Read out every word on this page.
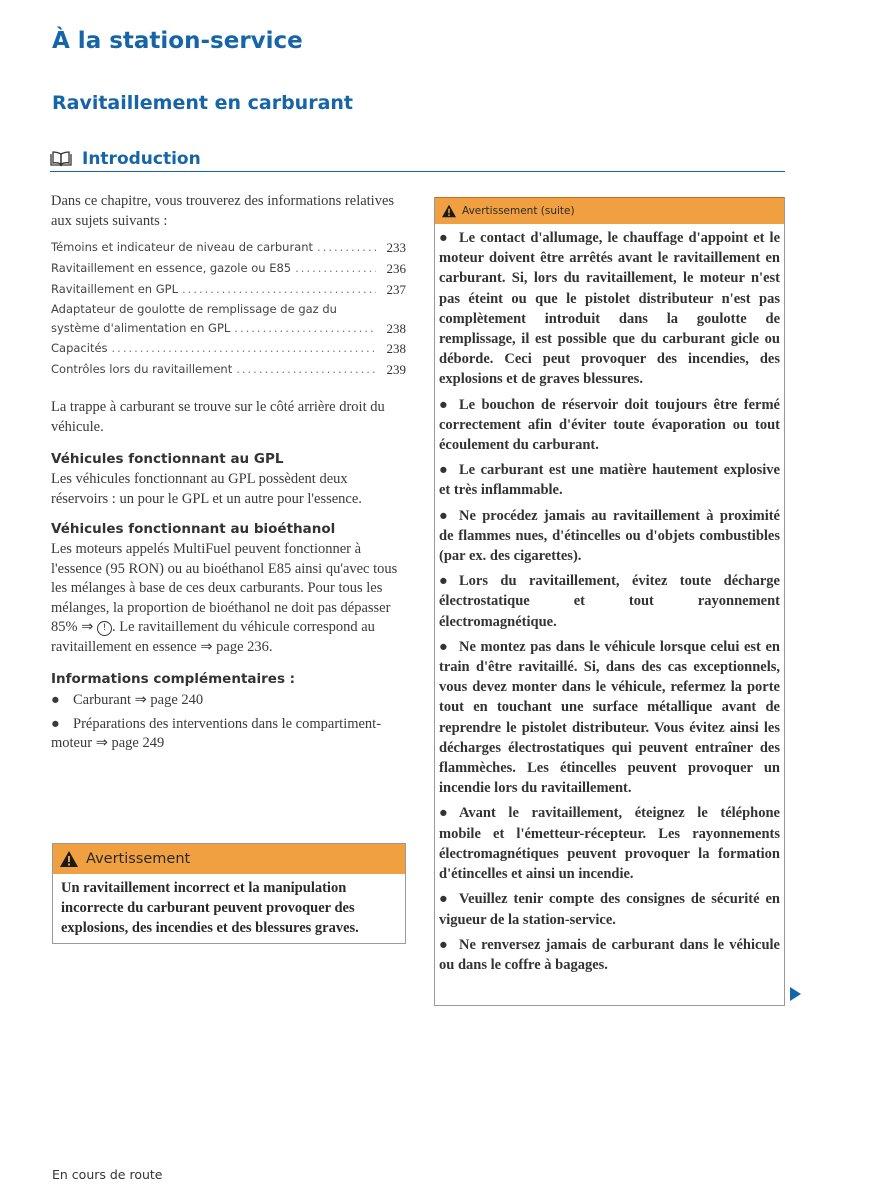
À la station-service
Ravitaillement en carburant
Introduction

Dans ce chapitre, vous trouverez des informations relatives aux sujets suivants :

Témoins et indicateur de niveau de carburant .....	233
Ravitaillement en essence, gazole ou E85 .....	236
Ravitaillement en GPL .....	237
Adaptateur de goulotte de remplissage de gaz du
système d'alimentation en GPL .....	238
Capacités .....	238
Contrôles lors du ravitaillement .....	239

La trappe à carburant se trouve sur le côté arrière droit du véhicule.

Véhicules fonctionnant au GPL

Les véhicules fonctionnant au GPL possèdent deux réservoirs : un pour le GPL et un autre pour l'essence.

Véhicules fonctionnant au bioéthanol

Les moteurs appelés MultiFuel peuvent fonctionner à l'essence (95 RON) ou au bioéthanol E85 ainsi qu'avec tous les mélanges à base de ces deux carburants. Pour tous les mélanges, la proportion de bioéthanol ne doit pas dépasser 85% ⇒ ! . Le ravitaillement du véhicule correspond au ravitaillement en essence ⇒ page 236.

Informations complémentaires :

● Carburant ⇒ page 240

● Préparations des interventions dans le compartiment-moteur ⇒ page 249

Avertissement
Un ravitaillement incorrect et la manipulation incorrecte du carburant peuvent provoquer des explosions, des incendies et des blessures graves.
Avertissement (suite)

● Le contact d'allumage, le chauffage d'appoint et le moteur doivent être arrêtés avant le ravitaillement en carburant. Si, lors du ravitaillement, le moteur n'est pas éteint ou que le pistolet distributeur n'est pas complètement introduit dans la goulotte de remplissage, il est possible que du carburant gicle ou déborde. Ceci peut provoquer des incendies, des explosions et de graves blessures.

● Le bouchon de réservoir doit toujours être fermé correctement afin d'éviter toute évaporation ou tout écoulement du carburant.

● Le carburant est une matière hautement explosive et très inflammable.

● Ne procédez jamais au ravitaillement à proximité de flammes nues, d'étincelles ou d'objets combustibles (par ex. des cigarettes).

● Lors du ravitaillement, évitez toute décharge électrostatique et tout rayonnement électromagnétique.

● Ne montez pas dans le véhicule lorsque celui est en train d'être ravitaillé. Si, dans des cas exceptionnels, vous devez monter dans le véhicule, refermez la porte tout en touchant une surface métallique avant de reprendre le pistolet distributeur. Vous évitez ainsi les décharges électrostatiques qui peuvent entraîner des flammèches. Les étincelles peuvent provoquer un incendie lors du ravitaillement.

● Avant le ravitaillement, éteignez le téléphone mobile et l'émetteur-récepteur. Les rayonnements électromagnétiques peuvent provoquer la formation d'étincelles et ainsi un incendie.

● Veuillez tenir compte des consignes de sécurité en vigueur de la station-service.

● Ne renversez jamais de carburant dans le véhicule ou dans le coffre à bagages.

En cours de route
